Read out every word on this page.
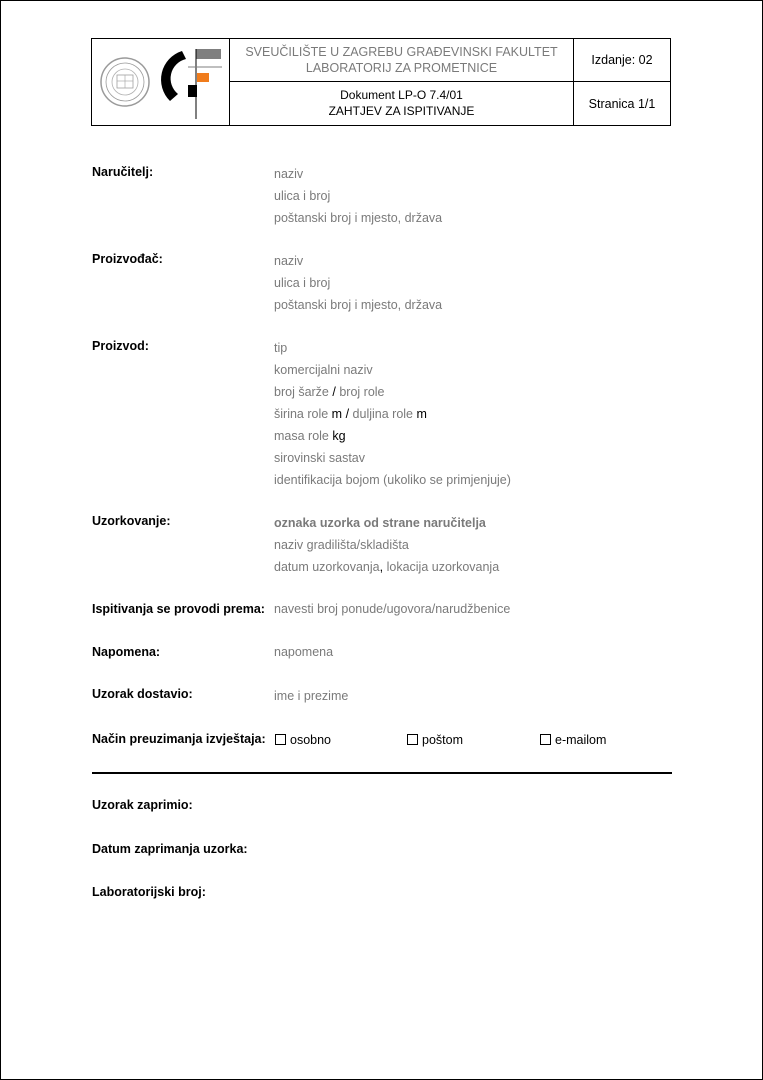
SVEUČILIŠTE U ZAGREBU GRAĐEVINSKI FAKULTET
LABORATORIJ ZA PROMETNICE
Dokument LP-O 7.4/01
ZAHTJEV ZA ISPITIVANJE
Izdanje: 02
Stranica 1/1
Naručitelj:	naziv
ulica i broj
poštanski broj i mjesto, država
Proizvođač:	naziv
ulica i broj
poštanski broj i mjesto, država
Proizvod:	tip
komercijalni naziv
broj šarže / broj role
širina role m / duljina role m
masa role kg
sirovinski sastav
identifikacija bojom (ukoliko se primjenjuje)
Uzorkovanje:	oznaka uzorka od strane naručitelja
naziv gradilišta/skladišta
datum uzorkovanja, lokacija uzorkovanja
Ispitivanja se provodi prema: navesti broj ponude/ugovora/narudžbenice
Napomena:	napomena
Uzorak dostavio:	ime i prezime
Način preuzimanja izvještaja:	osobno	poštom	e-mailom
Uzorak zaprimio:
Datum zaprimanja uzorka:
Laboratorijski broj:
